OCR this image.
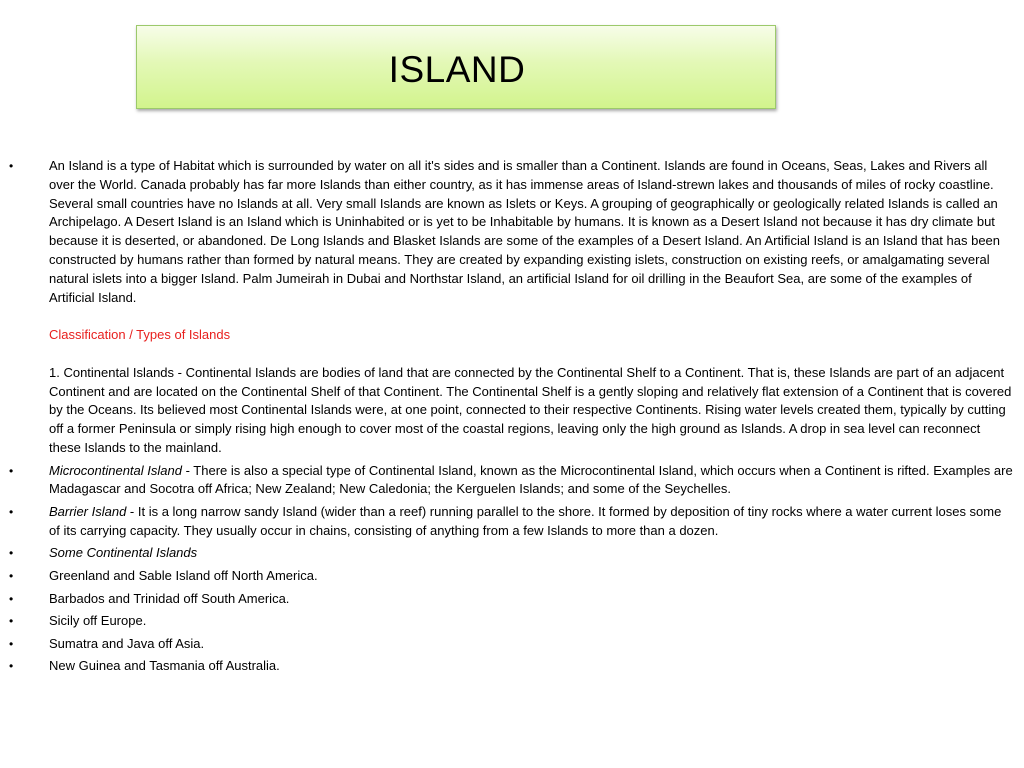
ISLAND
•	An Island is a type of Habitat which is surrounded by water on all it's sides and is smaller than a Continent. Islands are found in Oceans, Seas, Lakes and Rivers all over the World. Canada probably has far more Islands than either country, as it has immense areas of Island-strewn lakes and thousands of miles of rocky coastline. Several small countries have no Islands at all. Very small Islands are known as Islets or Keys. A grouping of geographically or geologically related Islands is called an Archipelago. A Desert Island is an Island which is Uninhabited or is yet to be Inhabitable by humans. It is known as a Desert Island not because it has dry climate but because it is deserted, or abandoned. De Long Islands and Blasket Islands are some of the examples of a Desert Island. An Artificial Island is an Island that has been constructed by humans rather than formed by natural means. They are created by expanding existing islets, construction on existing reefs, or amalgamating several natural islets into a bigger Island. Palm Jumeirah in Dubai and Northstar Island, an artificial Island for oil drilling in the Beaufort Sea, are some of the examples of Artificial Island.
Classification / Types of Islands
1. Continental Islands - Continental Islands are bodies of land that are connected by the Continental Shelf to a Continent. That is, these Islands are part of an adjacent Continent and are located on the Continental Shelf of that Continent. The Continental Shelf is a gently sloping and relatively flat extension of a Continent that is covered by the Oceans. Its believed most Continental Islands were, at one point, connected to their respective Continents. Rising water levels created them, typically by cutting off a former Peninsula or simply rising high enough to cover most of the coastal regions, leaving only the high ground as Islands. A drop in sea level can reconnect these Islands to the mainland.
•	Microcontinental Island - There is also a special type of Continental Island, known as the Microcontinental Island, which occurs when a Continent is rifted. Examples are Madagascar and Socotra off Africa; New Zealand; New Caledonia; the Kerguelen Islands; and some of the Seychelles.
•	Barrier Island - It is a long narrow sandy Island (wider than a reef) running parallel to the shore. It formed by deposition of tiny rocks where a water current loses some of its carrying capacity. They usually occur in chains, consisting of anything from a few Islands to more than a dozen.
•	Some Continental Islands
•	Greenland and Sable Island off North America.
•	Barbados and Trinidad off South America.
•	Sicily off Europe.
•	Sumatra and Java off Asia.
•	New Guinea and Tasmania off Australia.
